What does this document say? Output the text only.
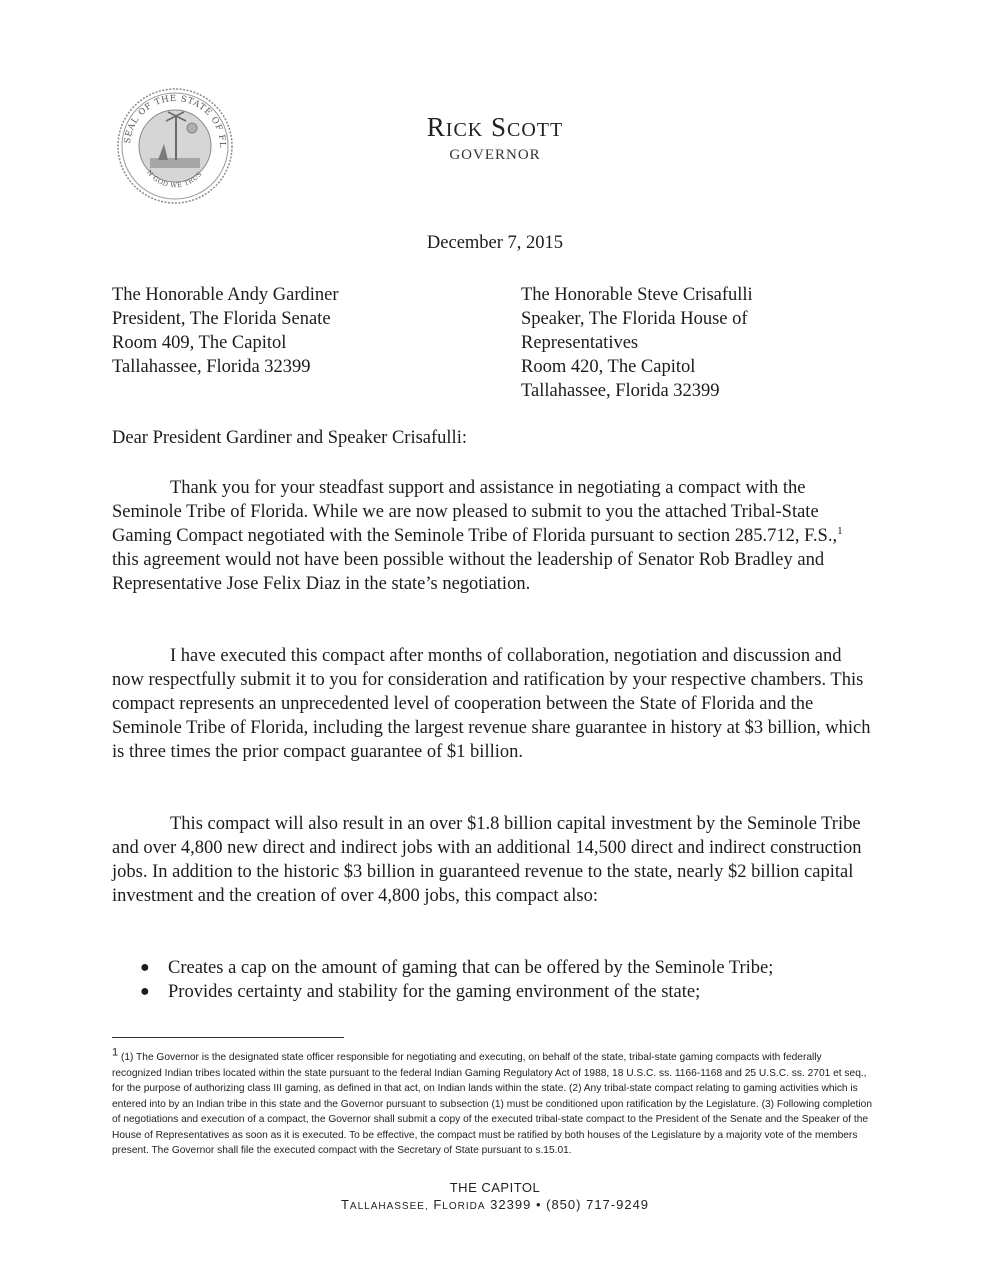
SEAL OF THE STATE OF FL
N GOD WE TRUS
RICK SCOTT
GOVERNOR
December 7, 2015
The Honorable Andy Gardiner
President, The Florida Senate
Room 409, The Capitol
Tallahassee, Florida 32399
The Honorable Steve Crisafulli
Speaker, The Florida House of
Representatives
Room 420, The Capitol
Tallahassee, Florida 32399
Dear President Gardiner and Speaker Crisafulli:

Thank you for your steadfast support and assistance in negotiating a compact with the Seminole Tribe of Florida. While we are now pleased to submit to you the attached Tribal-State Gaming Compact negotiated with the Seminole Tribe of Florida pursuant to section 285.712, F.S.,$^1$ this agreement would not have been possible without the leadership of Senator Rob Bradley and Representative Jose Felix Diaz in the state’s negotiation.

I have executed this compact after months of collaboration, negotiation and discussion and now respectfully submit it to you for consideration and ratification by your respective chambers. This compact represents an unprecedented level of cooperation between the State of Florida and the Seminole Tribe of Florida, including the largest revenue share guarantee in history at $3 billion, which is three times the prior compact guarantee of $1 billion.

This compact will also result in an over $1.8 billion capital investment by the Seminole Tribe and over 4,800 new direct and indirect jobs with an additional 14,500 direct and indirect construction jobs. In addition to the historic $3 billion in guaranteed revenue to the state, nearly $2 billion capital investment and the creation of over 4,800 jobs, this compact also:

● Creates a cap on the amount of gaming that can be offered by the Seminole Tribe;
● Provides certainty and stability for the gaming environment of the state;
$^1$ (1) The Governor is the designated state officer responsible for negotiating and executing, on behalf of the state, tribal-state gaming compacts with federally recognized Indian tribes located within the state pursuant to the federal Indian Gaming Regulatory Act of 1988, 18 U.S.C. ss. 1166-1168 and 25 U.S.C. ss. 2701 et seq., for the purpose of authorizing class III gaming, as defined in that act, on Indian lands within the state. (2) Any tribal-state compact relating to gaming activities which is entered into by an Indian tribe in this state and the Governor pursuant to subsection (1) must be conditioned upon ratification by the Legislature. (3) Following completion of negotiations and execution of a compact, the Governor shall submit a copy of the executed tribal-state compact to the President of the Senate and the Speaker of the House of Representatives as soon as it is executed. To be effective, the compact must be ratified by both houses of the Legislature by a majority vote of the members present. The Governor shall file the executed compact with the Secretary of State pursuant to s.15.01.
THE CAPITOL
TALLAHASSEE, FLORIDA 32399 • (850) 717-9249
